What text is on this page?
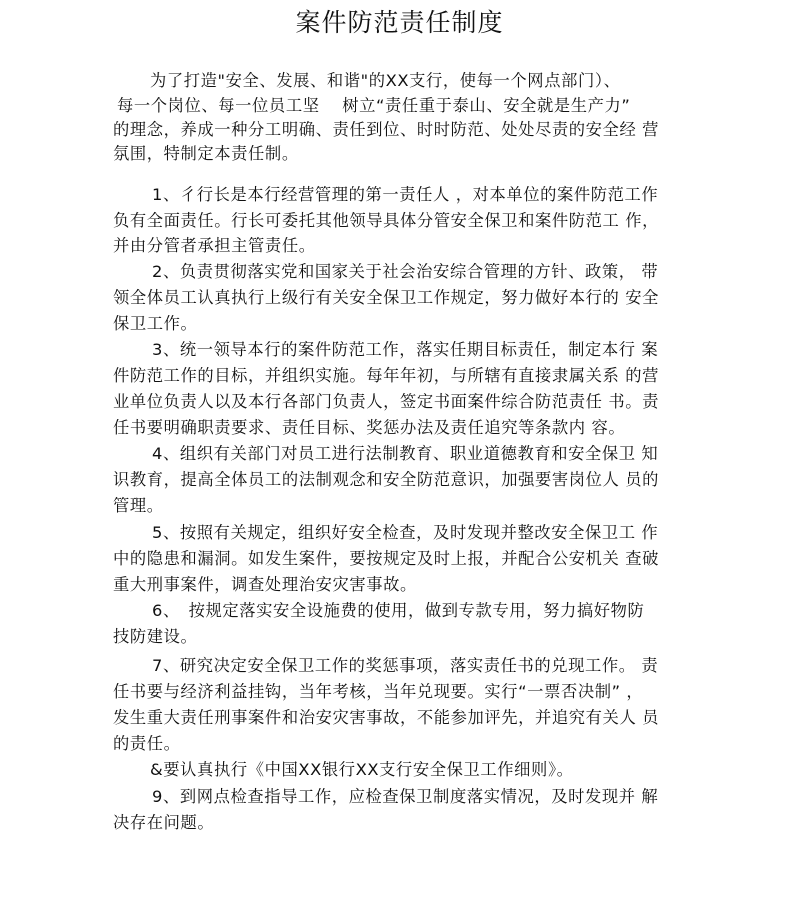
案件防范责任制度
为了打造"安全、发展、和谐"的XX支行，使每一个网点部门）、
每一个岗位、每一位员工坚　 树立“责任重于泰山、安全就是生产力”
的理念，养成一种分工明确、责任到位、时时防范、处处尽责的安全经 营
氛围，特制定本责任制。
1、彳行长是本行经营管理的第一责任人 ，对本单位的案件防范工作
负有全面责任。行长可委托其他领导具体分管安全保卫和案件防范工 作，
并由分管者承担主管责任。
2、负责贯彻落实党和国家关于社会治安综合管理的方针、政策， 带
领全体员工认真执行上级行有关安全保卫工作规定，努力做好本行的 安全
保卫工作。
3、统一领导本行的案件防范工作，落实任期目标责任，制定本行 案
件防范工作的目标，并组织实施。每年年初，与所辖有直接隶属关系 的营
业单位负责人以及本行各部门负责人，签定书面案件综合防范责任 书。责
任书要明确职责要求、责任目标、奖惩办法及责任追究等条款内 容。
4、组织有关部门对员工进行法制教育、职业道德教育和安全保卫 知
识教育，提高全体员工的法制观念和安全防范意识，加强要害岗位人 员的
管理。
5、按照有关规定，组织好安全检查，及时发现并整改安全保卫工 作
中的隐患和漏洞。如发生案件，要按规定及时上报，并配合公安机关 查破
重大刑事案件，调查处理治安灾害事故。
6、　按规定落实安全设施费的使用，做到专款专用，努力搞好物防
技防建设。
7、研究决定安全保卫工作的奖惩事项，落实责任书的兑现工作。 责
任书要与经济利益挂钩，当年考核，当年兑现要。实行“一票否决制” ，
发生重大责任刑事案件和治安灾害事故，不能参加评先，并追究有关人 员
的责任。
&要认真执行《中国XX银行XX支行安全保卫工作细则》。
9、到网点检查指导工作，应检查保卫制度落实情况，及时发现并 解
决存在问题。
